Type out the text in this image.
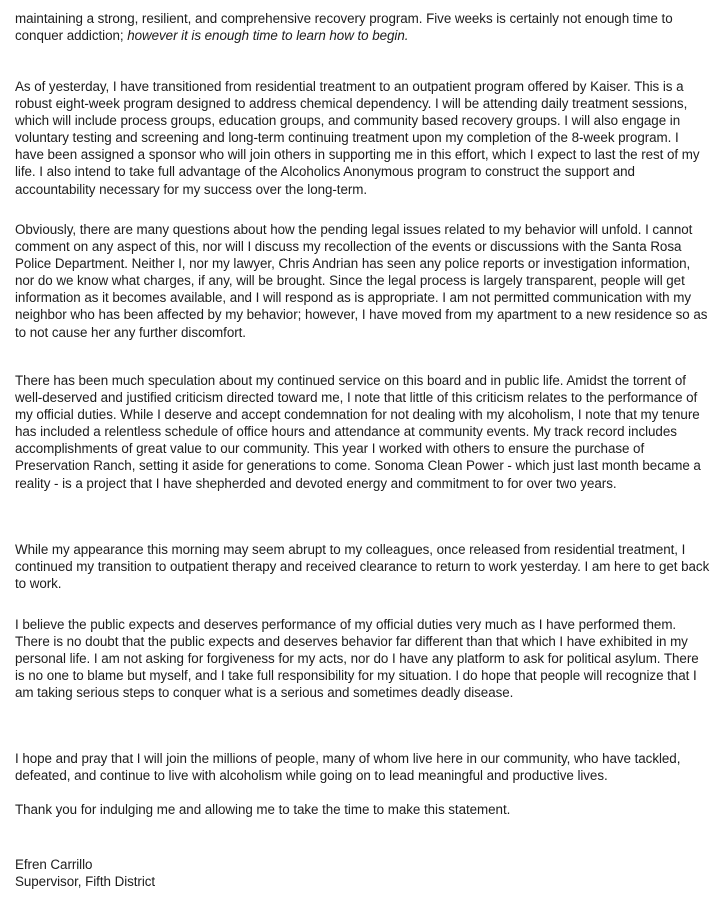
maintaining a strong, resilient, and comprehensive recovery program. Five weeks is certainly not enough time to conquer addiction; however it is enough time to learn how to begin.

As of yesterday, I have transitioned from residential treatment to an outpatient program offered by Kaiser. This is a robust eight-week program designed to address chemical dependency. I will be attending daily treatment sessions, which will include process groups, education groups, and community based recovery groups. I will also engage in voluntary testing and screening and long-term continuing treatment upon my completion of the 8-week program. I have been assigned a sponsor who will join others in supporting me in this effort, which I expect to last the rest of my life. I also intend to take full advantage of the Alcoholics Anonymous program to construct the support and accountability necessary for my success over the long-term.

Obviously, there are many questions about how the pending legal issues related to my behavior will unfold. I cannot comment on any aspect of this, nor will I discuss my recollection of the events or discussions with the Santa Rosa Police Department. Neither I, nor my lawyer, Chris Andrian has seen any police reports or investigation information, nor do we know what charges, if any, will be brought. Since the legal process is largely transparent, people will get information as it becomes available, and I will respond as is appropriate. I am not permitted communication with my neighbor who has been affected by my behavior; however, I have moved from my apartment to a new residence so as to not cause her any further discomfort.

There has been much speculation about my continued service on this board and in public life. Amidst the torrent of well-deserved and justified criticism directed toward me, I note that little of this criticism relates to the performance of my official duties. While I deserve and accept condemnation for not dealing with my alcoholism, I note that my tenure has included a relentless schedule of office hours and attendance at community events. My track record includes accomplishments of great value to our community. This year I worked with others to ensure the purchase of Preservation Ranch, setting it aside for generations to come. Sonoma Clean Power - which just last month became a reality - is a project that I have shepherded and devoted energy and commitment to for over two years.

While my appearance this morning may seem abrupt to my colleagues, once released from residential treatment, I continued my transition to outpatient therapy and received clearance to return to work yesterday. I am here to get back to work.

I believe the public expects and deserves performance of my official duties very much as I have performed them. There is no doubt that the public expects and deserves behavior far different than that which I have exhibited in my personal life. I am not asking for forgiveness for my acts, nor do I have any platform to ask for political asylum. There is no one to blame but myself, and I take full responsibility for my situation. I do hope that people will recognize that I am taking serious steps to conquer what is a serious and sometimes deadly disease.

I hope and pray that I will join the millions of people, many of whom live here in our community, who have tackled, defeated, and continue to live with alcoholism while going on to lead meaningful and productive lives.

Thank you for indulging me and allowing me to take the time to make this statement.

Efren Carrillo
Supervisor, Fifth District
